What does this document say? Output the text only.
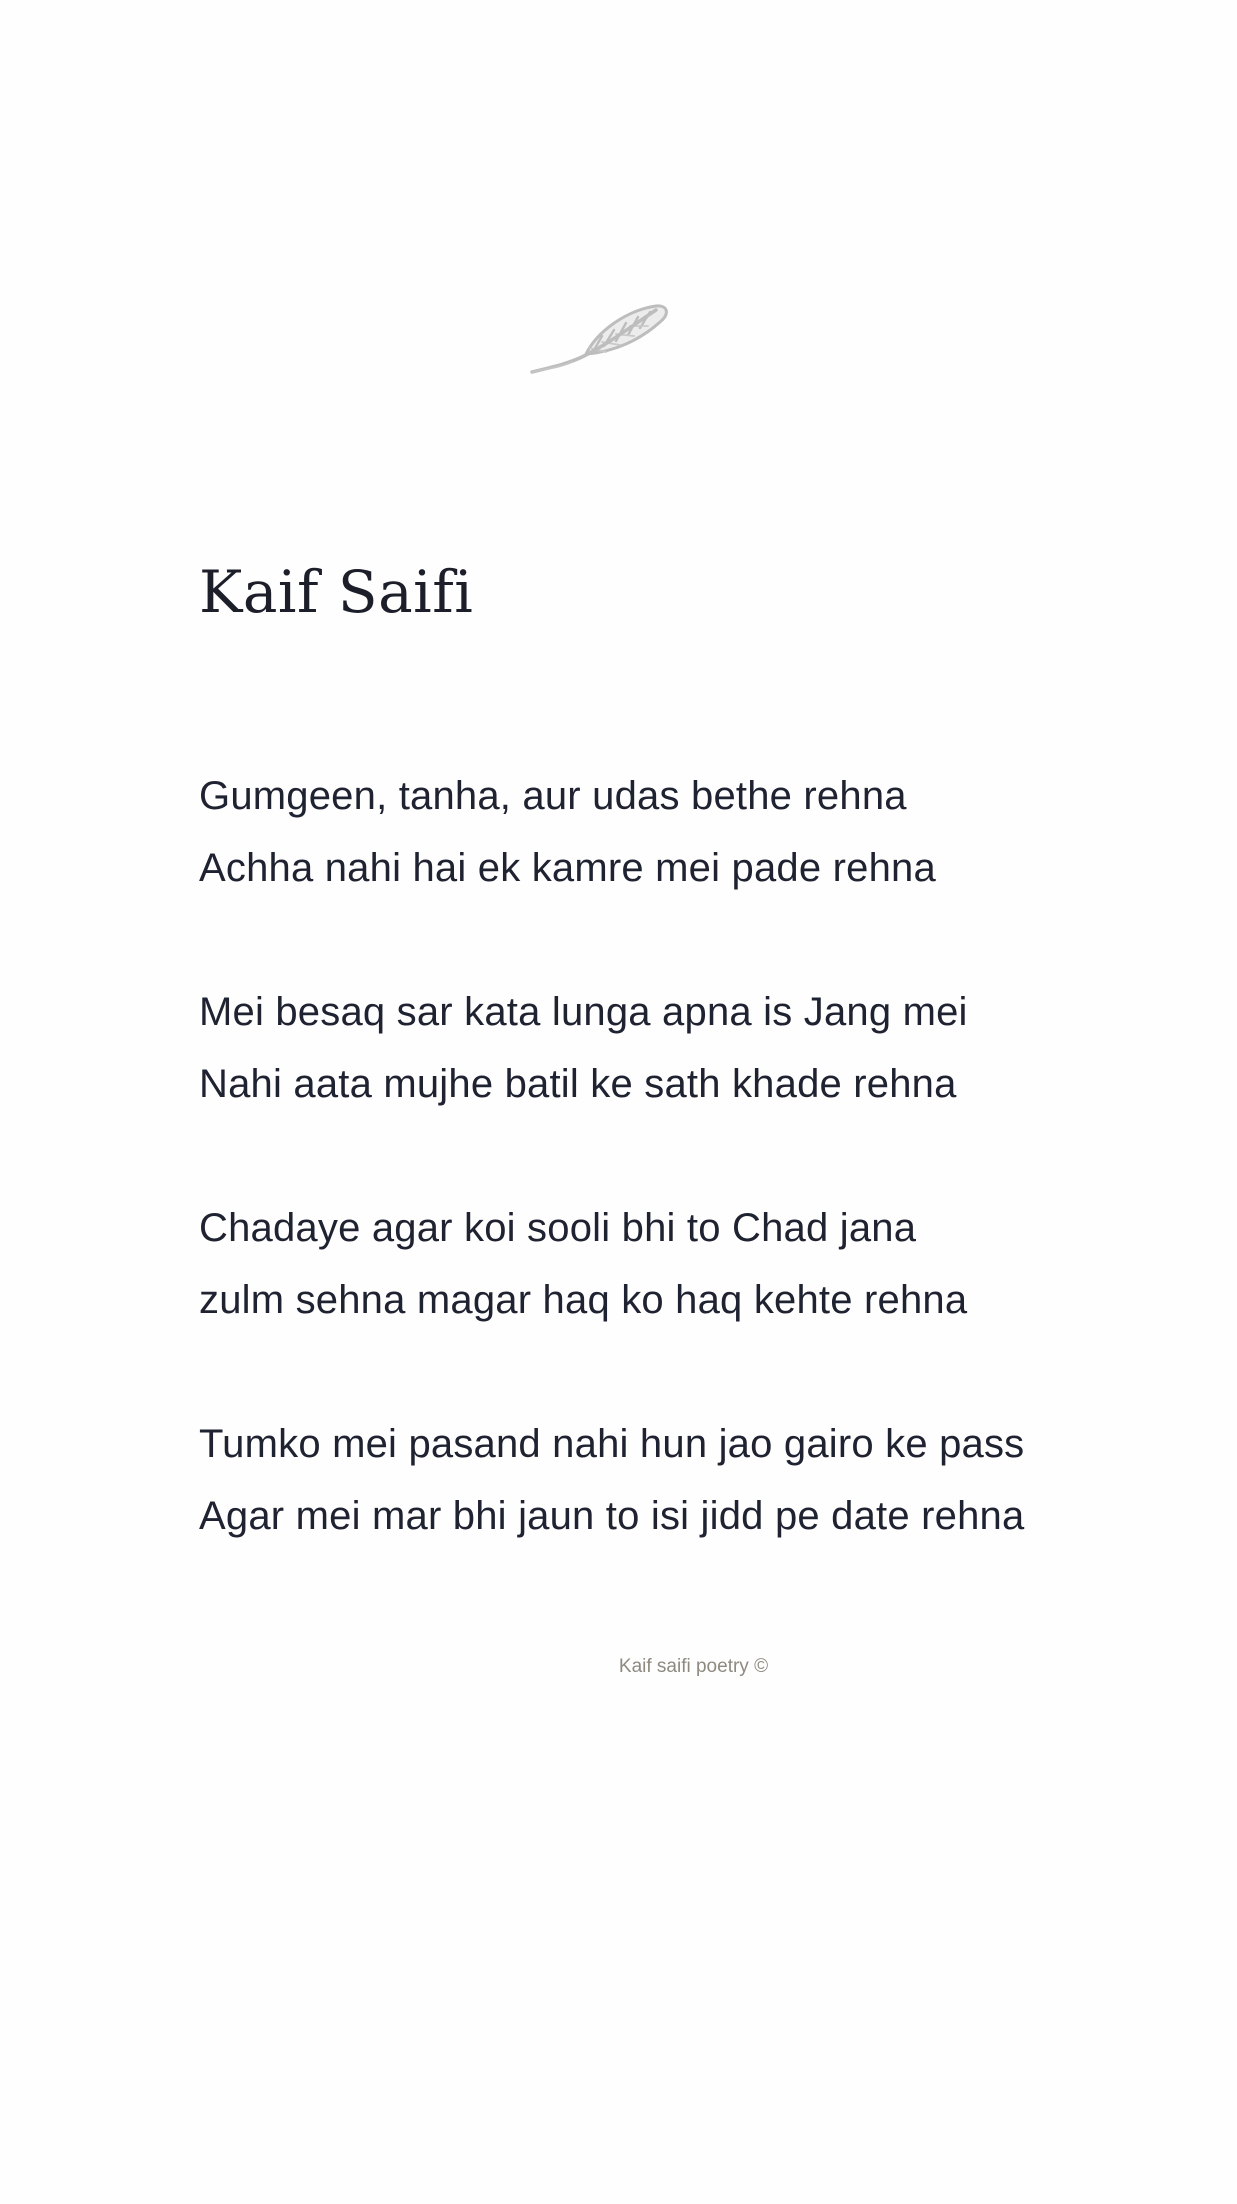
Kaif Saifi

Gumgeen, tanha, aur udas bethe rehna
Achha nahi hai ek kamre mei pade rehna

Mei besaq sar kata lunga apna is Jang mei
Nahi aata mujhe batil ke sath khade rehna

Chadaye agar koi sooli bhi to Chad jana
zulm sehna magar haq ko haq kehte rehna

Tumko mei pasand nahi hun jao gairo ke pass
Agar mei mar bhi jaun to isi jidd pe date rehna

Kaif saifi poetry ©
